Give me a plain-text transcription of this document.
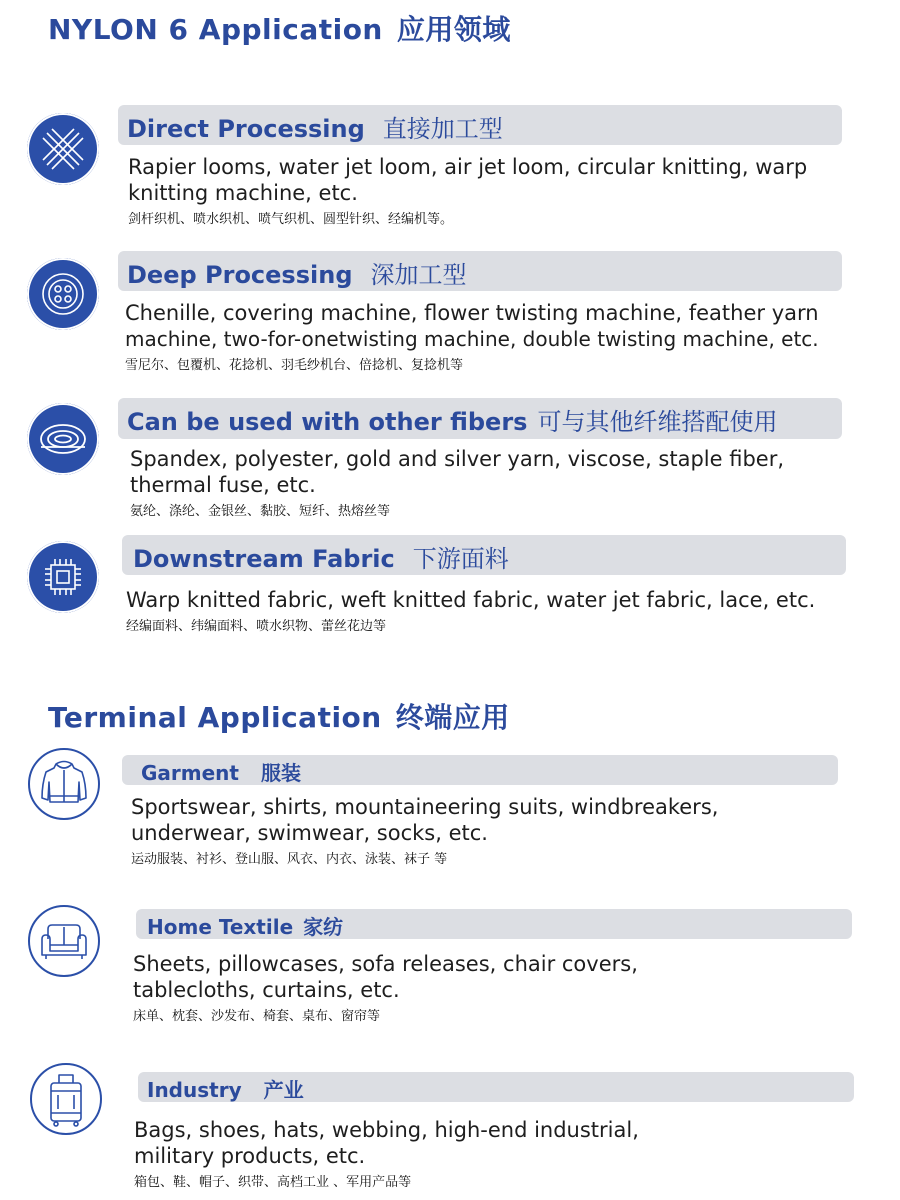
NYLON 6 Application 应用领域
Direct Processing 直接加工型

Rapier looms, water jet loom, air jet loom, circular knitting, warp

knitting machine, etc.

剑杆织机、喷水织机、喷气织机、圆型针织、经编机等。

Deep Processing 深加工型

Chenille, covering machine, flower twisting machine, feather yarn

machine, two-for-onetwisting machine, double twisting machine, etc.

雪尼尔、包覆机、花捻机、羽毛纱机台、倍捻机、复捻机等

Can be used with other fibers 可与其他纤维搭配使用

Spandex, polyester, gold and silver yarn, viscose, staple fiber,

thermal fuse, etc.

氨纶、涤纶、金银丝、黏胶、短纤、热熔丝等

Downstream Fabric 下游面料

Warp knitted fabric, weft knitted fabric, water jet fabric, lace, etc.

经编面料、纬编面料、喷水织物、蕾丝花边等

Terminal Application 终端应用
Garment 服装

Sportswear, shirts, mountaineering suits, windbreakers,

underwear, swimwear, socks, etc.

运动服装、衬衫、登山服、风衣、内衣、泳装、袜子 等

Home Textile 家纺

Sheets, pillowcases, sofa releases, chair covers,

tablecloths, curtains, etc.

床单、枕套、沙发布、椅套、桌布、窗帘等

Industry 产业

Bags, shoes, hats, webbing, high-end industrial,

military products, etc.

箱包、鞋、帽子、织带、高档工业 、军用产品等
